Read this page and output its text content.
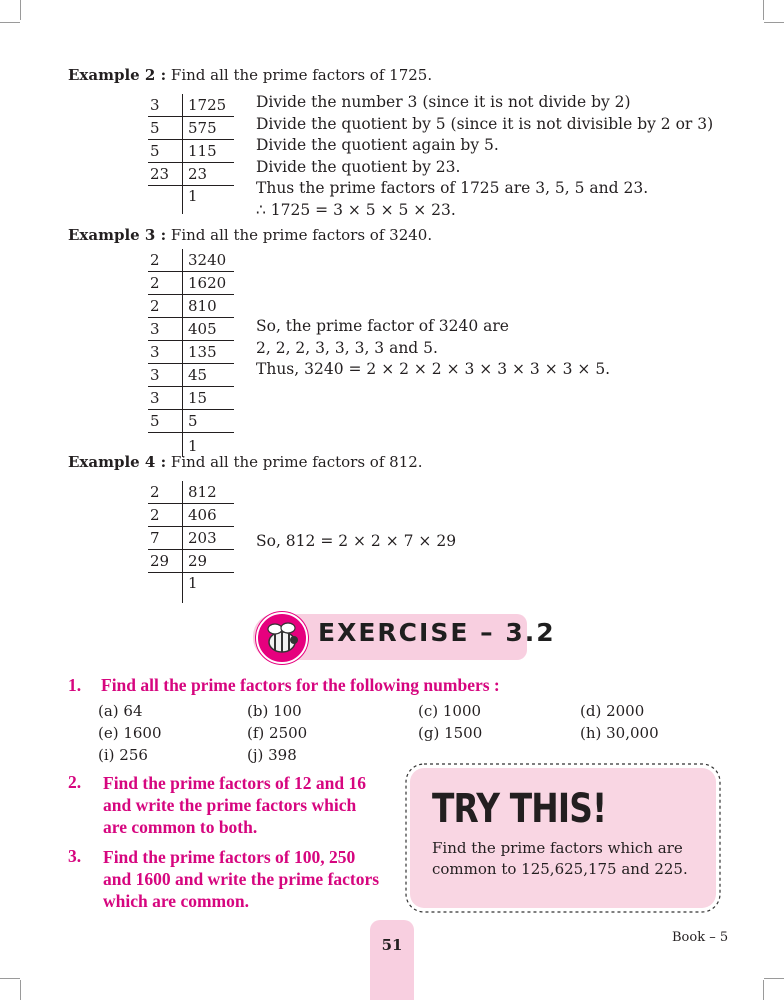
Example 2 : Find all the prime factors of 1725.
3	1725
5	575
5	115
23	23
	1
Divide the number 3 (since it is not divide by 2)
Divide the quotient by 5 (since it is not divisible by 2 or 3)
Divide the quotient again by 5.
Divide the quotient by 23.
Thus the prime factors of 1725 are 3, 5, 5 and 23.
∴ 1725 = 3 × 5 × 5 × 23.
Example 3 : Find all the prime factors of 3240.
2	3240
2	1620
2	810
3	405
3	135
3	45
3	15
5	5
	1
So, the prime factor of 3240 are
2, 2, 2, 3, 3, 3, 3 and 5.
Thus, 3240 = 2 × 2 × 2 × 3 × 3 × 3 × 3 × 5.
Example 4 : Find all the prime factors of 812.
2	812
2	406
7	203
29	29
	1
So, 812 = 2 × 2 × 7 × 29
EXERCISE – 3.2
1. Find all the prime factors for the following numbers :
(a) 64	(b) 100	(c) 1000	(d) 2000
(e) 1600	(f) 2500	(g) 1500	(h) 30,000
(i) 256	(j) 398
2. Find the prime factors of 12 and 16
and write the prime factors which
are common to both.
3. Find the prime factors of 100, 250
and 1600 and write the prime factors
which are common.
TRY THIS!
Find the prime factors which are
common to 125,625,175 and 225.
51	Book – 5
